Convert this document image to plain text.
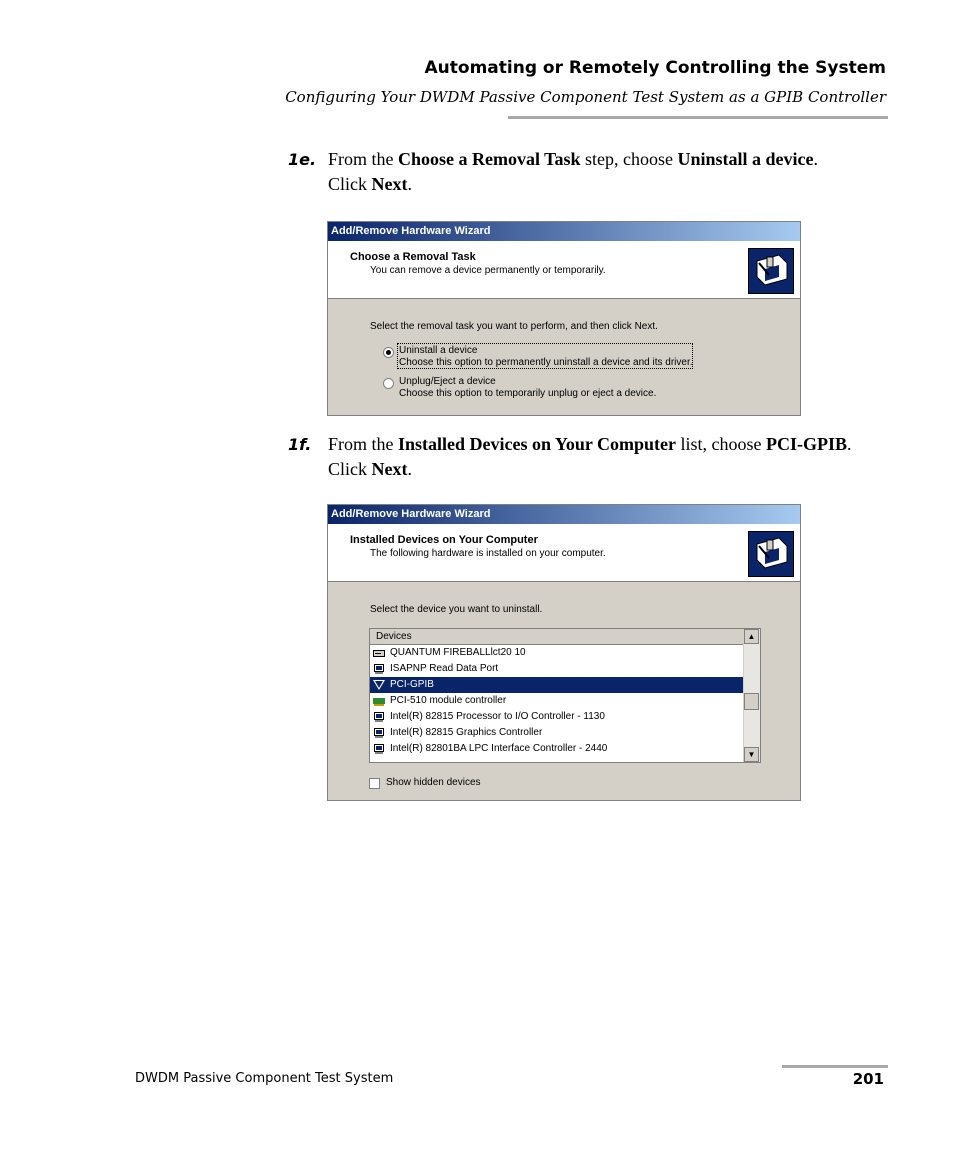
Automating or Remotely Controlling the System
Configuring Your DWDM Passive Component Test System as a GPIB Controller
1e. From the Choose a Removal Task step, choose Uninstall a device. Click Next.
Add/Remove Hardware Wizard
Choose a Removal Task
You can remove a device permanently or temporarily.
Select the removal task you want to perform, and then click Next.
Uninstall a device
Choose this option to permanently uninstall a device and its driver.
Unplug/Eject a device
Choose this option to temporarily unplug or eject a device.
1f. From the Installed Devices on Your Computer list, choose PCI-GPIB. Click Next.
Add/Remove Hardware Wizard
Installed Devices on Your Computer
The following hardware is installed on your computer.
Select the device you want to uninstall.
Devices
QUANTUM FIREBALLlct20 10
ISAPNP Read Data Port
PCI-GPIB
PCI-510 module controller
Intel(R) 82815 Processor to I/O Controller - 1130
Intel(R) 82815 Graphics Controller
Intel(R) 82801BA LPC Interface Controller - 2440
▲
▼
Show hidden devices
DWDM Passive Component Test System	201
